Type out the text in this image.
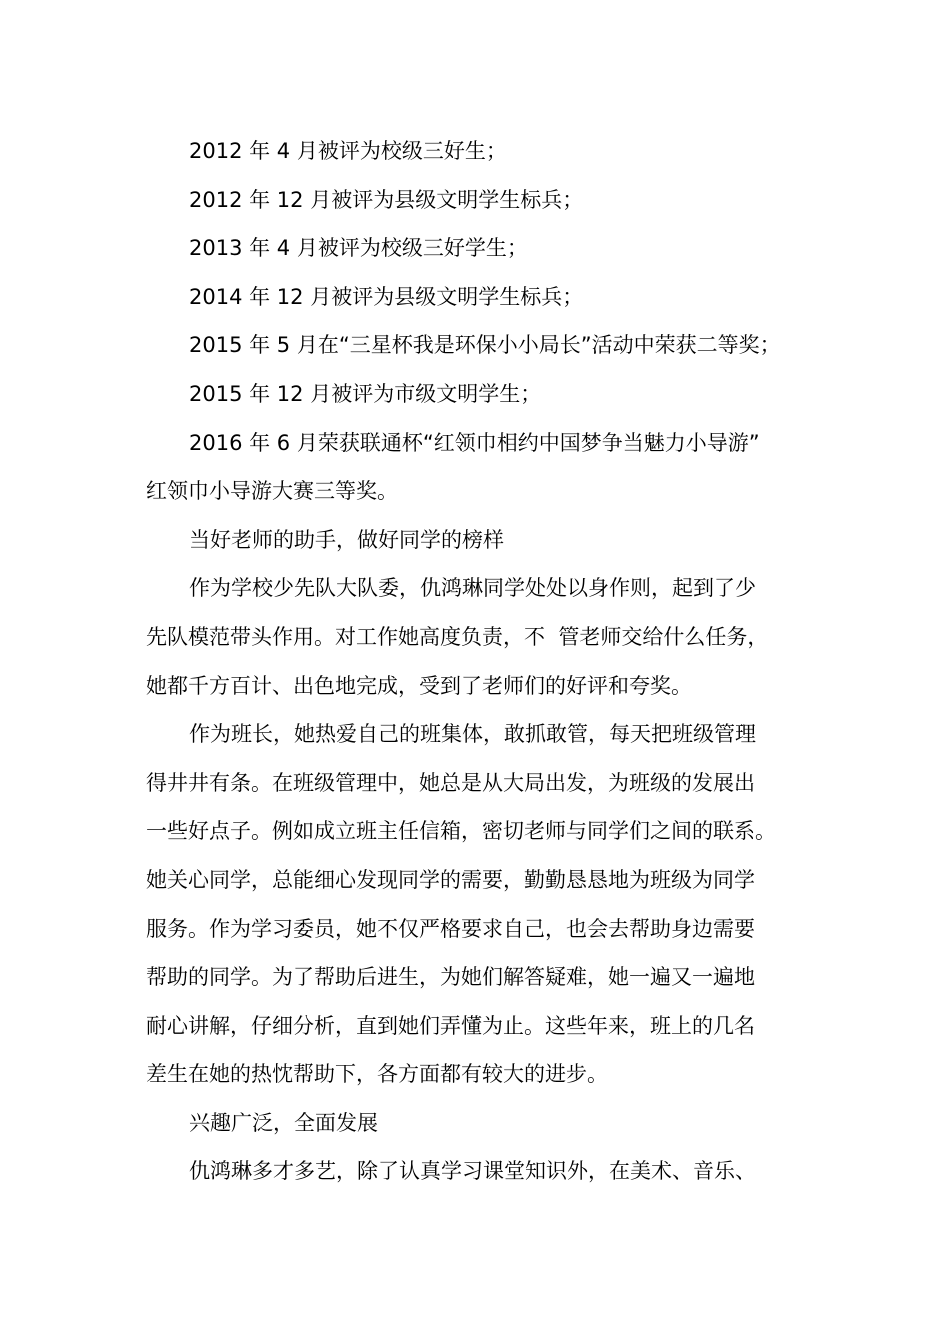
2012 年 4 月被评为校级三好生；
2012 年 12 月被评为县级文明学生标兵；
2013 年 4 月被评为校级三好学生；
2014 年 12 月被评为县级文明学生标兵；
2015 年 5 月在“三星杯我是环保小小局长”活动中荣获二等奖；
2015 年 12 月被评为市级文明学生；
2016 年 6 月荣获联通杯“红领巾相约中国梦争当魅力小导游”
红领巾小导游大赛三等奖。
当好老师的助手，做好同学的榜样
作为学校少先队大队委，仇鸿琳同学处处以身作则，起到了少
先队模范带头作用。对工作她高度负责，不  管老师交给什么任务，
她都千方百计、出色地完成，受到了老师们的好评和夸奖。
作为班长，她热爱自己的班集体，敢抓敢管，每天把班级管理
得井井有条。在班级管理中，她总是从大局出发，为班级的发展出
一些好点子。例如成立班主任信箱，密切老师与同学们之间的联系。
她关心同学，总能细心发现同学的需要，勤勤恳恳地为班级为同学
服务。作为学习委员，她不仅严格要求自己，也会去帮助身边需要
帮助的同学。为了帮助后进生，为她们解答疑难，她一遍又一遍地
耐心讲解，仔细分析，直到她们弄懂为止。这些年来，班上的几名
差生在她的热忱帮助下，各方面都有较大的进步。
兴趣广泛，全面发展
仇鸿琳多才多艺，除了认真学习课堂知识外，在美术、音乐、
